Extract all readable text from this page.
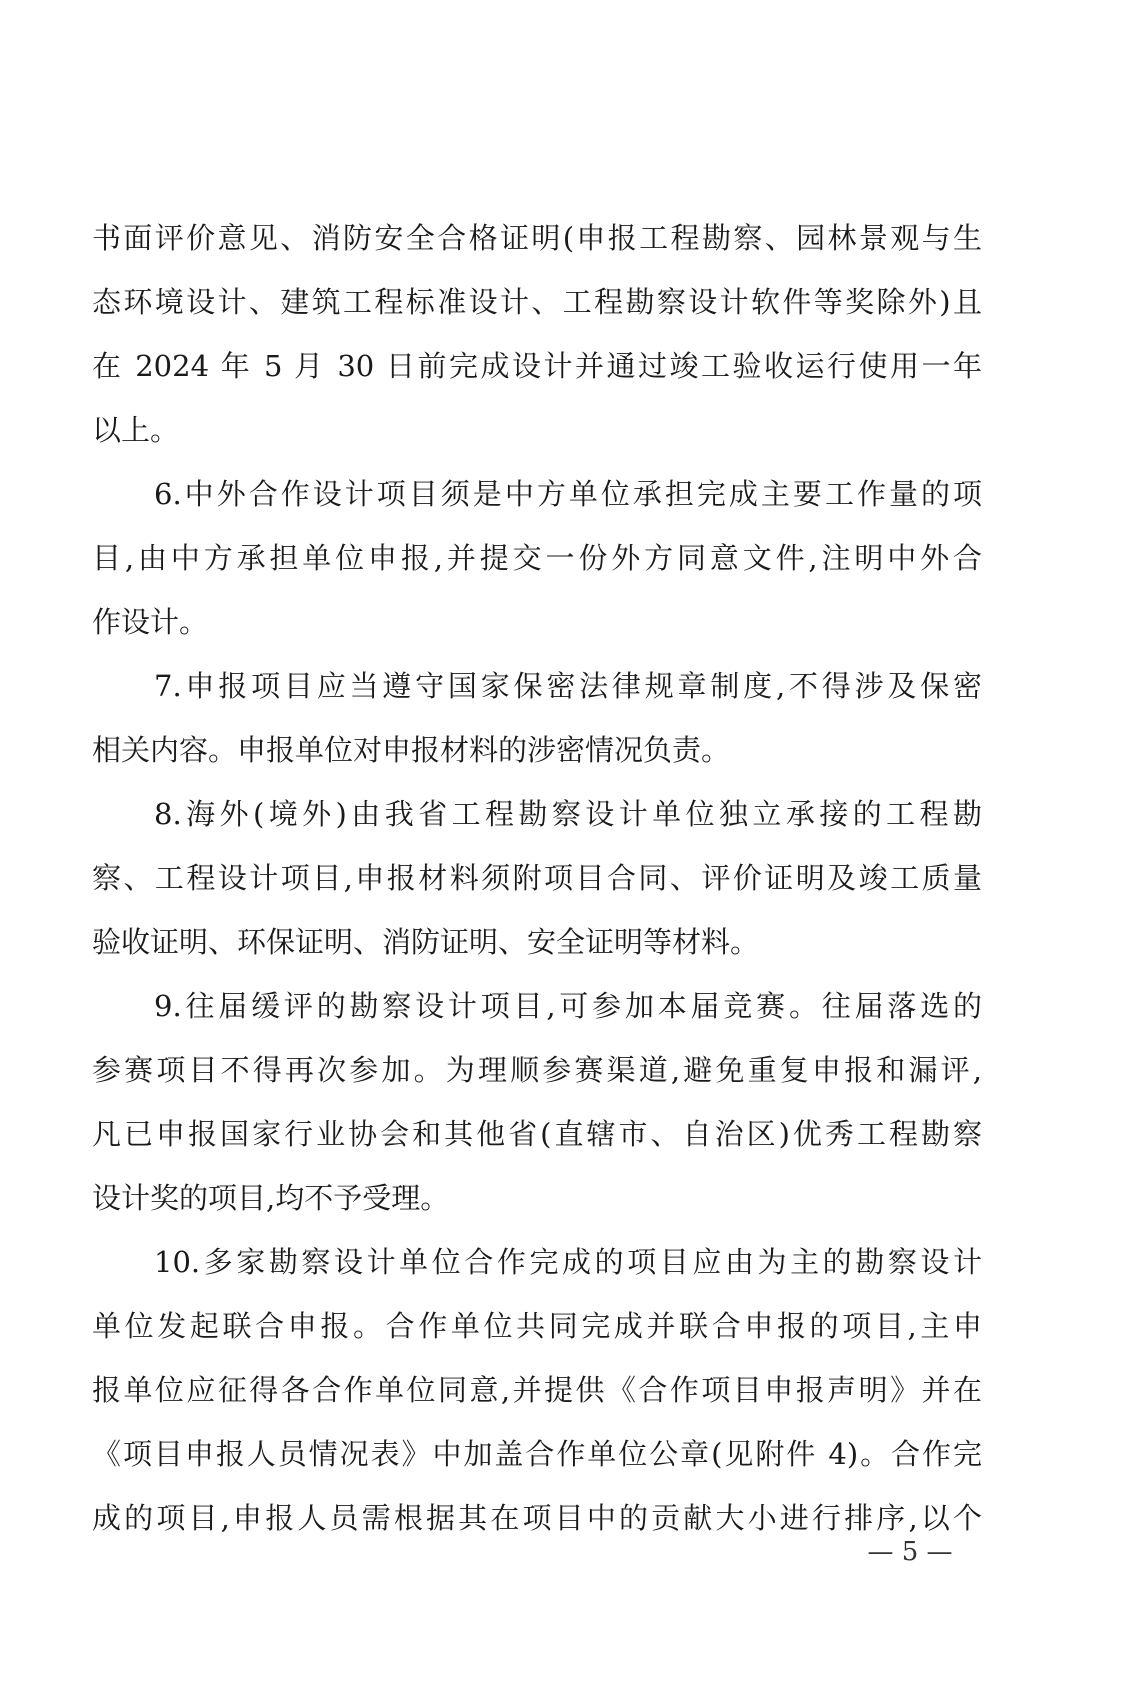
书面评价意见、消防安全合格证明(申报工程勘察、园林景观与生
态环境设计、建筑工程标准设计、工程勘察设计软件等奖除外)且
在 2024 年 5 月 30 日前完成设计并通过竣工验收运行使用一年
以上。
6.中外合作设计项目须是中方单位承担完成主要工作量的项
目,由中方承担单位申报,并提交一份外方同意文件,注明中外合
作设计。
7.申报项目应当遵守国家保密法律规章制度,不得涉及保密
相关内容。申报单位对申报材料的涉密情况负责。
8.海外(境外)由我省工程勘察设计单位独立承接的工程勘
察、工程设计项目,申报材料须附项目合同、评价证明及竣工质量
验收证明、环保证明、消防证明、安全证明等材料。
9.往届缓评的勘察设计项目,可参加本届竞赛。往届落选的
参赛项目不得再次参加。为理顺参赛渠道,避免重复申报和漏评,
凡已申报国家行业协会和其他省(直辖市、自治区)优秀工程勘察
设计奖的项目,均不予受理。
10.多家勘察设计单位合作完成的项目应由为主的勘察设计
单位发起联合申报。合作单位共同完成并联合申报的项目,主申
报单位应征得各合作单位同意,并提供《合作项目申报声明》并在
《项目申报人员情况表》中加盖合作单位公章(见附件 4)。合作完
成的项目,申报人员需根据其在项目中的贡献大小进行排序,以个
— 5 —
